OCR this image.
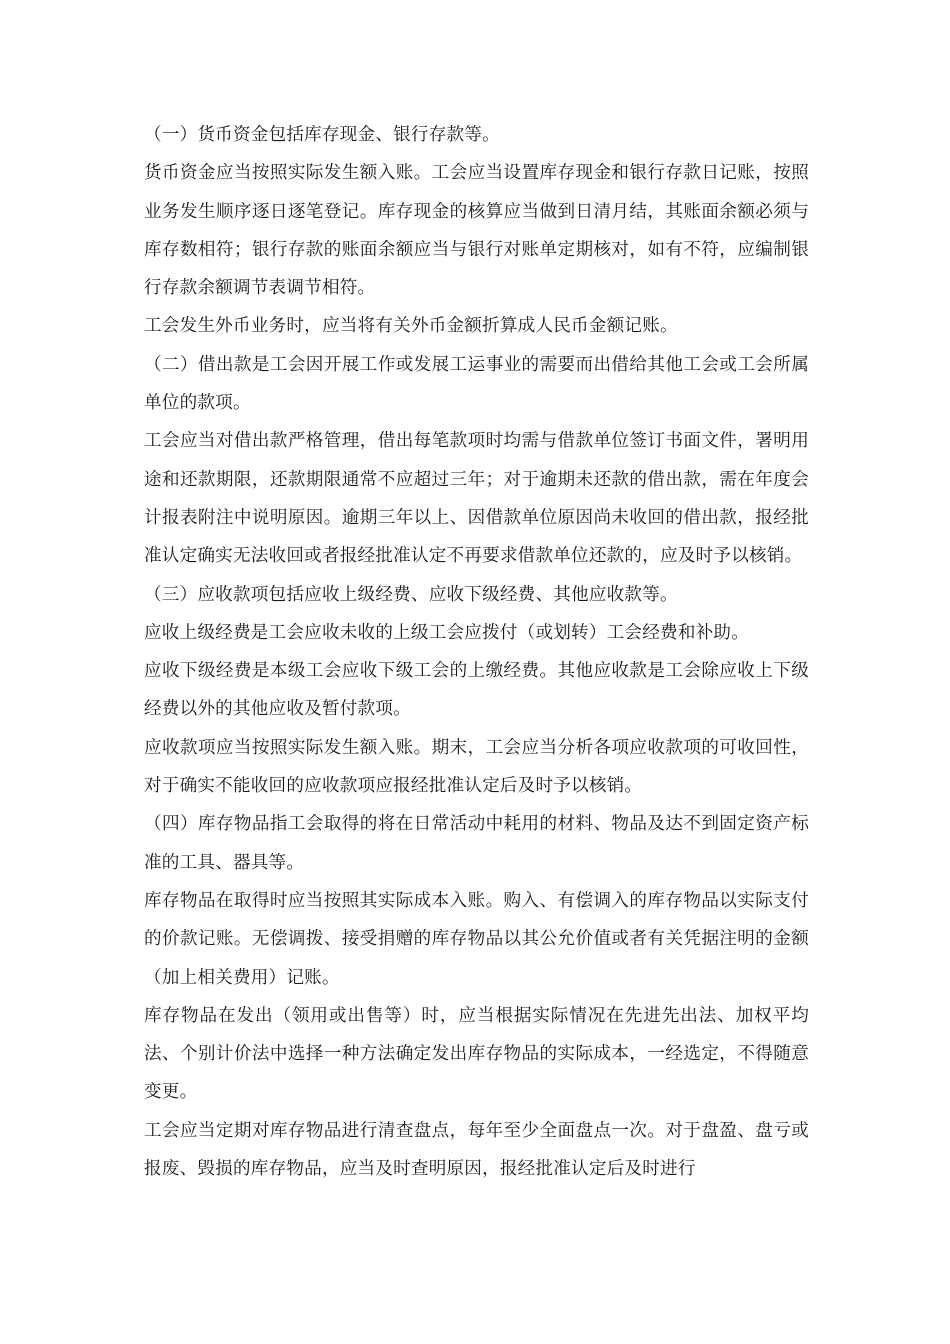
（一）货币资金包括库存现金、银行存款等。

货币资金应当按照实际发生额入账。工会应当设置库存现金和银行存款日记账，按照业务发生顺序逐日逐笔登记。库存现金的核算应当做到日清月结，其账面余额必须与库存数相符；银行存款的账面余额应当与银行对账单定期核对，如有不符，应编制银行存款余额调节表调节相符。

工会发生外币业务时，应当将有关外币金额折算成人民币金额记账。

（二）借出款是工会因开展工作或发展工运事业的需要而出借给其他工会或工会所属单位的款项。

工会应当对借出款严格管理，借出每笔款项时均需与借款单位签订书面文件，署明用途和还款期限，还款期限通常不应超过三年；对于逾期未还款的借出款，需在年度会计报表附注中说明原因。逾期三年以上、因借款单位原因尚未收回的借出款，报经批准认定确实无法收回或者报经批准认定不再要求借款单位还款的，应及时予以核销。

（三）应收款项包括应收上级经费、应收下级经费、其他应收款等。

应收上级经费是工会应收未收的上级工会应拨付（或划转）工会经费和补助。

应收下级经费是本级工会应收下级工会的上缴经费。其他应收款是工会除应收上下级经费以外的其他应收及暂付款项。

应收款项应当按照实际发生额入账。期末，工会应当分析各项应收款项的可收回性，对于确实不能收回的应收款项应报经批准认定后及时予以核销。

（四）库存物品指工会取得的将在日常活动中耗用的材料、物品及达不到固定资产标准的工具、器具等。

库存物品在取得时应当按照其实际成本入账。购入、有偿调入的库存物品以实际支付的价款记账。无偿调拨、接受捐赠的库存物品以其公允价值或者有关凭据注明的金额（加上相关费用）记账。

库存物品在发出（领用或出售等）时，应当根据实际情况在先进先出法、加权平均法、个别计价法中选择一种方法确定发出库存物品的实际成本，一经选定，不得随意变更。

工会应当定期对库存物品进行清查盘点，每年至少全面盘点一次。对于盘盈、盘亏或报废、毁损的库存物品，应当及时查明原因，报经批准认定后及时进行
